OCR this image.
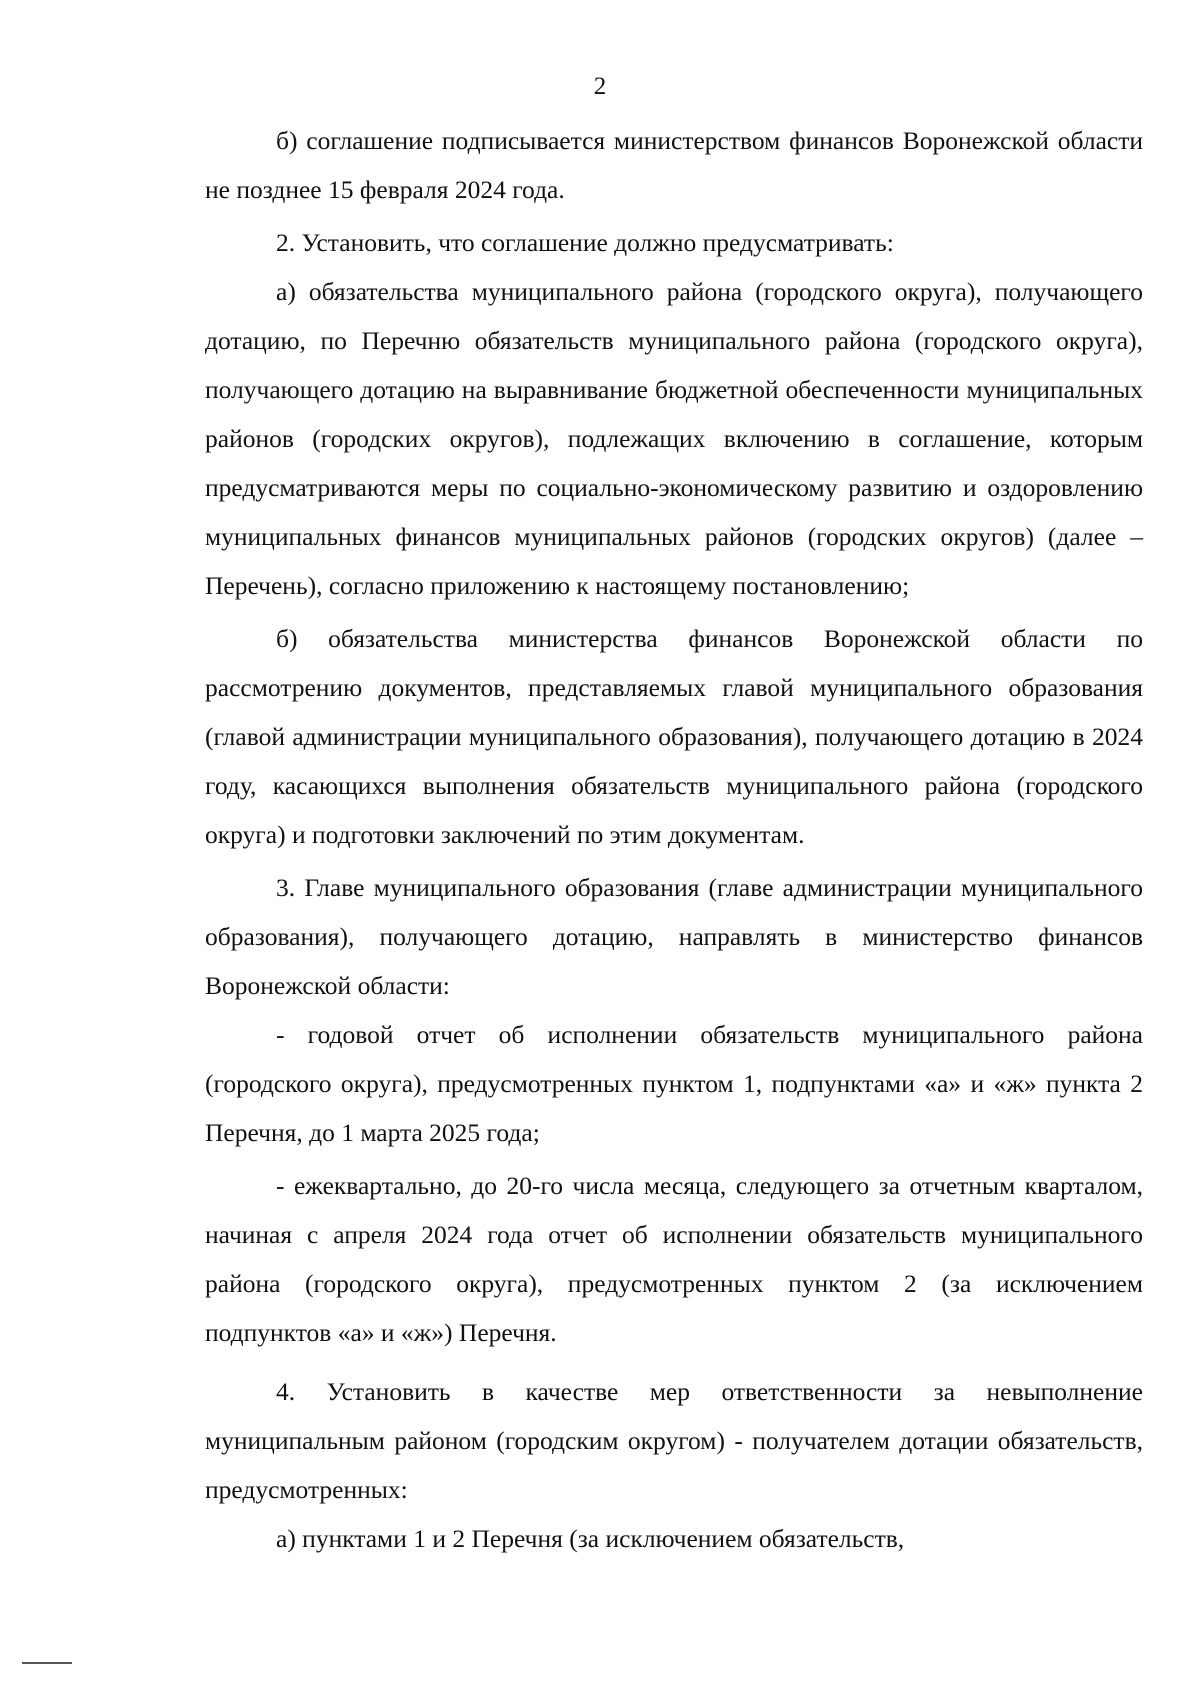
2

б) соглашение подписывается министерством финансов Воронежской области не позднее 15 февраля 2024 года.

2. Установить, что соглашение должно предусматривать:

а) обязательства муниципального района (городского округа), получающего дотацию, по Перечню обязательств муниципального района (городского округа), получающего дотацию на выравнивание бюджетной обеспеченности муниципальных районов (городских округов), подлежащих включению в соглашение, которым предусматриваются меры по социально-экономическому развитию и оздоровлению муниципальных финансов муниципальных районов (городских округов) (далее – Перечень), согласно приложению к настоящему постановлению;

б) обязательства министерства финансов Воронежской области по рассмотрению документов, представляемых главой муниципального образования (главой администрации муниципального образования), получающего дотацию в 2024 году, касающихся выполнения обязательств муниципального района (городского округа) и подготовки заключений по этим документам.

3. Главе муниципального образования (главе администрации муниципального образования), получающего дотацию, направлять в министерство финансов Воронежской области:

- годовой отчет об исполнении обязательств муниципального района (городского округа), предусмотренных пунктом 1, подпунктами «а» и «ж» пункта 2 Перечня, до 1 марта 2025 года;

- ежеквартально, до 20-го числа месяца, следующего за отчетным кварталом, начиная с апреля 2024 года отчет об исполнении обязательств муниципального района (городского округа), предусмотренных пунктом 2 (за исключением подпунктов «а» и «ж») Перечня.

4. Установить в качестве мер ответственности за невыполнение муниципальным районом (городским округом) - получателем дотации обязательств, предусмотренных:

а) пунктами 1 и 2 Перечня (за исключением обязательств,
